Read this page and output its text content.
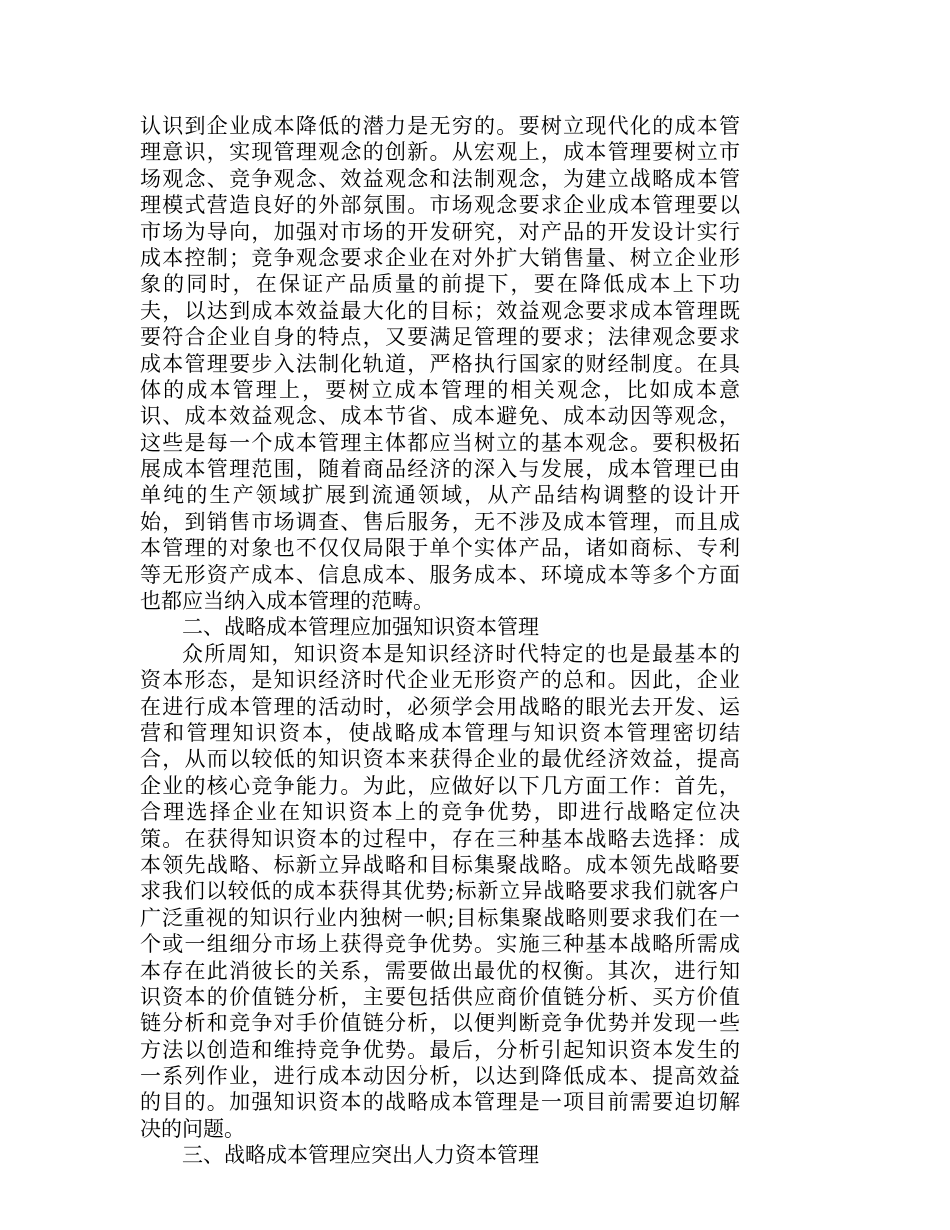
认识到企业成本降低的潜力是无穷的。要树立现代化的成本管
理意识，实现管理观念的创新。从宏观上，成本管理要树立市
场观念、竞争观念、效益观念和法制观念，为建立战略成本管
理模式营造良好的外部氛围。市场观念要求企业成本管理要以
市场为导向，加强对市场的开发研究，对产品的开发设计实行
成本控制；竞争观念要求企业在对外扩大销售量、树立企业形
象的同时，在保证产品质量的前提下，要在降低成本上下功
夫，以达到成本效益最大化的目标；效益观念要求成本管理既
要符合企业自身的特点，又要满足管理的要求；法律观念要求
成本管理要步入法制化轨道，严格执行国家的财经制度。在具
体的成本管理上，要树立成本管理的相关观念，比如成本意
识、成本效益观念、成本节省、成本避免、成本动因等观念，
这些是每一个成本管理主体都应当树立的基本观念。要积极拓
展成本管理范围，随着商品经济的深入与发展，成本管理已由
单纯的生产领域扩展到流通领域，从产品结构调整的设计开
始，到销售市场调查、售后服务，无不涉及成本管理，而且成
本管理的对象也不仅仅局限于单个实体产品，诸如商标、专利
等无形资产成本、信息成本、服务成本、环境成本等多个方面
也都应当纳入成本管理的范畴。
二、战略成本管理应加强知识资本管理
众所周知，知识资本是知识经济时代特定的也是最基本的
资本形态，是知识经济时代企业无形资产的总和。因此，企业
在进行成本管理的活动时，必须学会用战略的眼光去开发、运
营和管理知识资本，使战略成本管理与知识资本管理密切结
合，从而以较低的知识资本来获得企业的最优经济效益，提高
企业的核心竞争能力。为此，应做好以下几方面工作：首先，
合理选择企业在知识资本上的竞争优势，即进行战略定位决
策。在获得知识资本的过程中，存在三种基本战略去选择：成
本领先战略、标新立异战略和目标集聚战略。成本领先战略要
求我们以较低的成本获得其优势;标新立异战略要求我们就客户
广泛重视的知识行业内独树一帜;目标集聚战略则要求我们在一
个或一组细分市场上获得竞争优势。实施三种基本战略所需成
本存在此消彼长的关系，需要做出最优的权衡。其次，进行知
识资本的价值链分析，主要包括供应商价值链分析、买方价值
链分析和竞争对手价值链分析，以便判断竞争优势并发现一些
方法以创造和维持竞争优势。最后，分析引起知识资本发生的
一系列作业，进行成本动因分析，以达到降低成本、提高效益
的目的。加强知识资本的战略成本管理是一项目前需要迫切解
决的问题。
三、战略成本管理应突出人力资本管理
